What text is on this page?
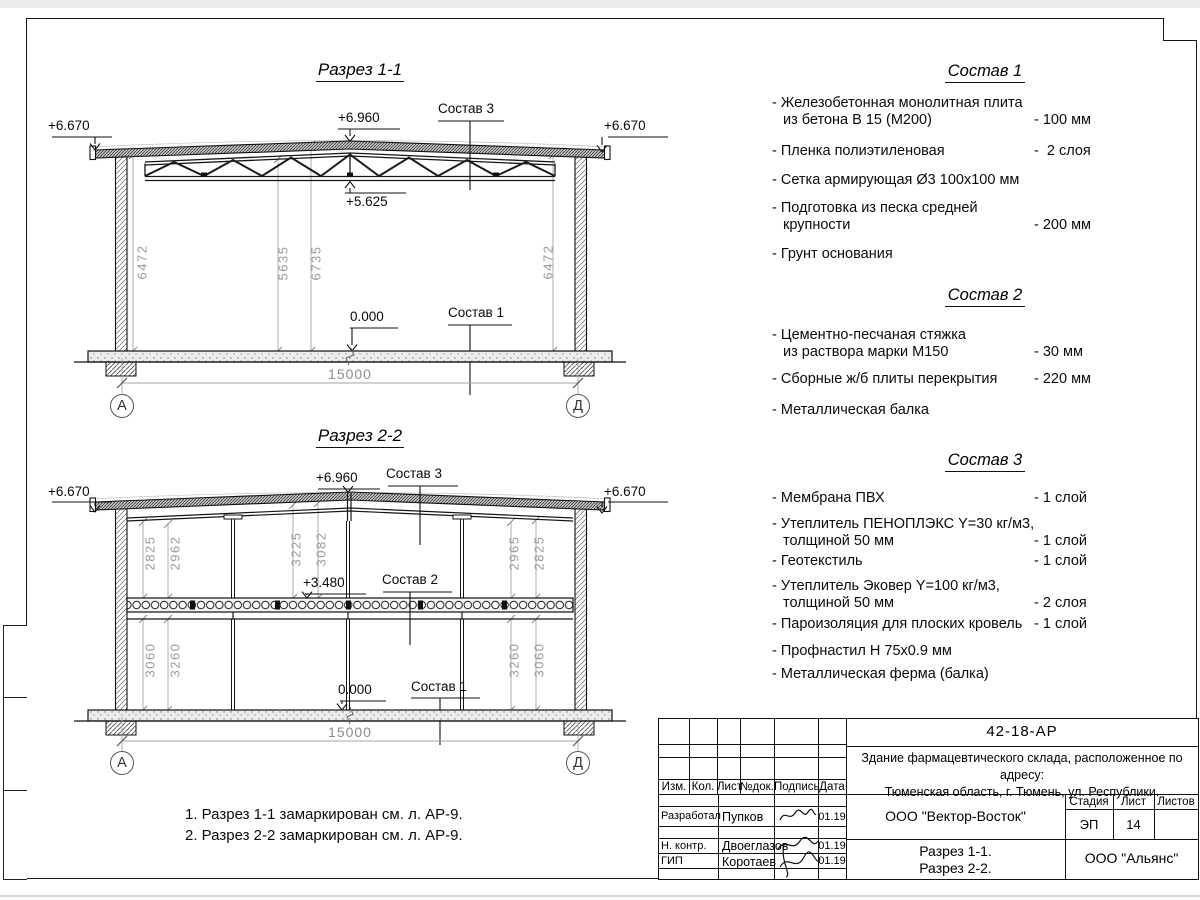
Разрез 1-1
+6.670	+6.670
+6.960
Состав 3
+5.625
0.000	Состав 1
6472	5635 6735	6472
15000
А	Д
Разрез 2-2
+6.670	+6.670
+6.960 Состав 3
+3.480	Состав 2
0.000	Состав 1
2825 2962	3225 3082	2965 2825
3060 3260	3260 3060
15000
А	Д
Состав 1
Состав 2
Состав 3
- Железобетонная монолитная плита
из бетона В 15 (М200)	- 100 мм
- Пленка полиэтиленовая	-  2 слоя
- Сетка армирующая Ø3 100х100 мм
- Подготовка из песка средней
крупности	- 200 мм
- Грунт основания
- Цементно-песчаная стяжка
из раствора марки М150	- 30 мм
- Сборные ж/б плиты перекрытия	- 220 мм
- Металлическая балка
- Мембрана ПВХ	- 1 слой
- Утеплитель ПЕНОПЛЭКС Y=30 кг/м3,
толщиной 50 мм	- 1 слой
- Геотекстиль	- 1 слой
- Утеплитель Эковер Y=100 кг/м3,
толщиной 50 мм	- 2 слоя
- Пароизоляция для плоских кровель - 1 слой
- Профнастил Н 75х0.9 мм
- Металлическая ферма (балка)
1. Разрез 1-1 замаркирован см. л. АР-9.
2. Разрез 2-2 замаркирован см. л. АР-9.
42-18-АР
Здание фармацевтического склада, расположенное по адресу:
Тюменская область, г. Тюмень, ул. Республики.
Изм. Кол. Лист
№док. Подпись Дата
Разработал Пупков	01.19
Н. контр. Двоеглазов	01.19
ГИП	Коротаев	01.19
ООО "Вектор-Восток"
Стадия	Лист Листов
ЭП	14
Разрез 1-1.
Разрез 2-2.
ООО "Альянс"
